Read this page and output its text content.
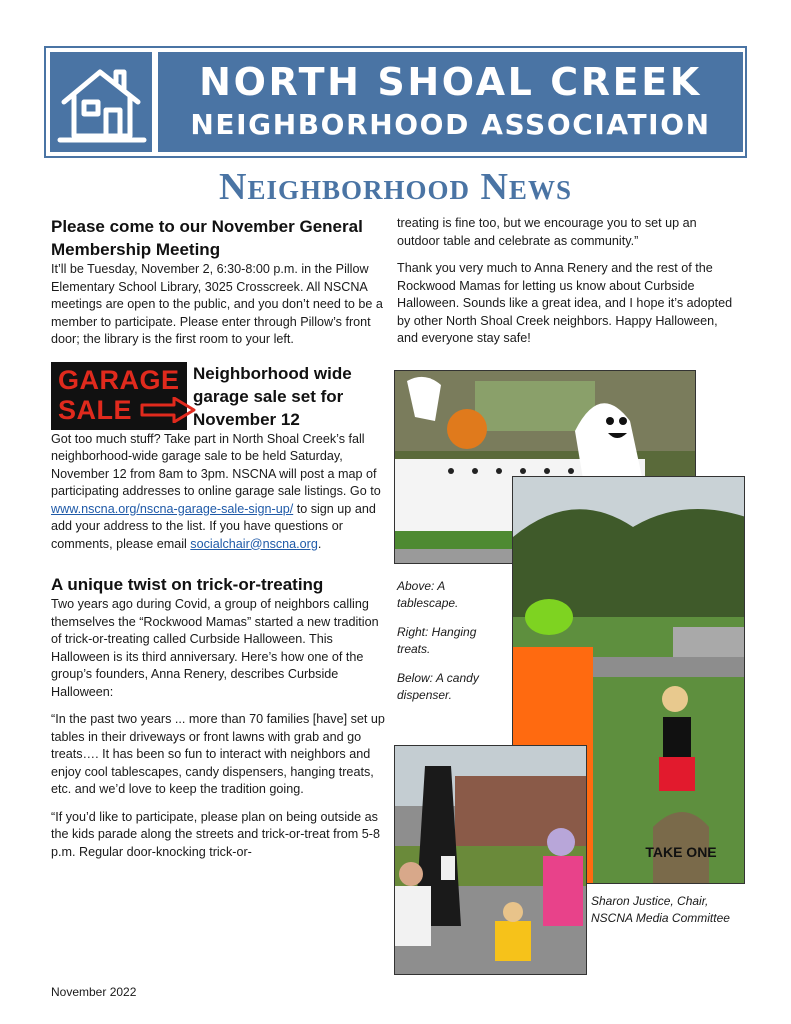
NORTH SHOAL CREEK
NEIGHBORHOOD ASSOCIATION
Neighborhood News
Please come to our November General Membership Meeting

It’ll be Tuesday, November 2, 6:30-8:00 p.m. in the Pillow Elementary School Library, 3025 Crosscreek. All NSCNA meetings are open to the public, and you don’t need to be a member to participate. Please enter through Pillow’s front door; the library is the first room to your left.

GARAGE
SALE
Neighborhood wide garage sale set for November 12

Got too much stuff? Take part in North Shoal Creek’s fall neighborhood-wide garage sale to be held Saturday, November 12 from 8am to 3pm. NSCNA will post a map of participating addresses to online garage sale listings. Go to www.nscna.org/nscna-garage-sale-sign-up/ to sign up and add your address to the list. If you have questions or comments, please email socialchair@nscna.org.

A unique twist on trick-or-treating

Two years ago during Covid, a group of neighbors calling themselves the “Rockwood Mamas” started a new tradition of trick-or-treating called Curbside Halloween. This Halloween is its third anniversary. Here’s how one of the group’s founders, Anna Renery, describes Curbside Halloween:

“In the past two years ... more than 70 families [have] set up tables in their driveways or front lawns with grab and go treats…. It has been so fun to interact with neighbors and enjoy cool tablescapes, candy dispensers, hanging treats, etc. and we’d love to keep the tradition going.

“If you’d like to participate, please plan on being outside as the kids parade along the streets and trick-or-treat from 5-8 p.m. Regular door-knocking trick-or-

treating is fine too, but we encourage you to set up an outdoor table and celebrate as community.”

Thank you very much to Anna Renery and the rest of the Rockwood Mamas for letting us know about Curbside Halloween. Sounds like a great idea, and I hope it’s adopted by other North Shoal Creek neighbors. Happy Halloween, and everyone stay safe!

TAKE ONE
Above: A tablescape.
Right: Hanging treats.
Below: A candy dispenser.
Sharon Justice, Chair, NSCNA Media Committee
November 2022
